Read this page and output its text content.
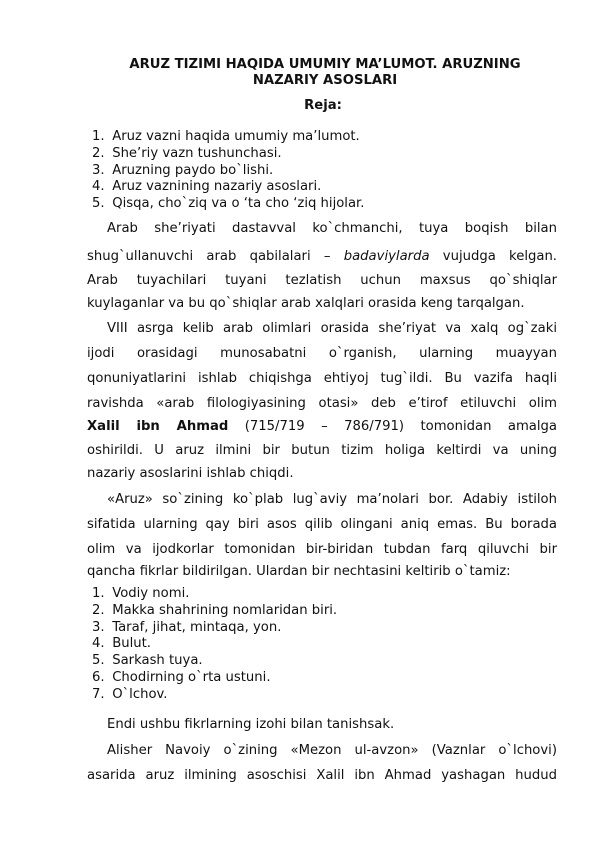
ARUZ TIZIMI HAQIDA UMUMIY MA’LUMOT. ARUZNING
NAZARIY ASOSLARI
Reja:
1. Aruz vazni haqida umumiy ma’lumot.
2. She’riy vazn tushunchasi.
3. Aruzning paydo bo`lishi.
4. Aruz vaznining nazariy asoslari.
5. Qisqa, cho`ziq va o ‘ta cho ‘ziq hijolar.
Arab she’riyati dastavval ko`chmanchi, tuya boqish bilan
shug`ullanuvchi arab qabilalari – badaviylarda vujudga kelgan.
Arab tuyachilari tuyani tezlatish uchun maxsus qo`shiqlar
kuylaganlar va bu qo`shiqlar arab xalqlari orasida keng tarqalgan.
VIII asrga kelib arab olimlari orasida she’riyat va xalq og`zaki
ijodi orasidagi munosabatni o`rganish, ularning muayyan
qonuniyatlarini ishlab chiqishga ehtiyoj tug`ildi. Bu vazifa haqli
ravishda «arab filologiyasining otasi» deb e’tirof etiluvchi olim
Xalil ibn Ahmad (715/719 – 786/791) tomonidan amalga
oshirildi. U aruz ilmini bir butun tizim holiga keltirdi va uning
nazariy asoslarini ishlab chiqdi.
«Aruz» so`zining ko`plab lug`aviy ma’nolari bor. Adabiy istiloh
sifatida ularning qay biri asos qilib olingani aniq emas. Bu borada
olim va ijodkorlar tomonidan bir-biridan tubdan farq qiluvchi bir
qancha fikrlar bildirilgan. Ulardan bir nechtasini keltirib o`tamiz:
1. Vodiy nomi.
2. Makka shahrining nomlaridan biri.
3. Taraf, jihat, mintaqa, yon.
4. Bulut.
5. Sarkash tuya.
6. Chodirning o`rta ustuni.
7. O`lchov.
Endi ushbu fikrlarning izohi bilan tanishsak.
Alisher Navoiy o`zining «Mezon ul-avzon» (Vaznlar o`lchovi)
asarida aruz ilmining asoschisi Xalil ibn Ahmad yashagan hudud
